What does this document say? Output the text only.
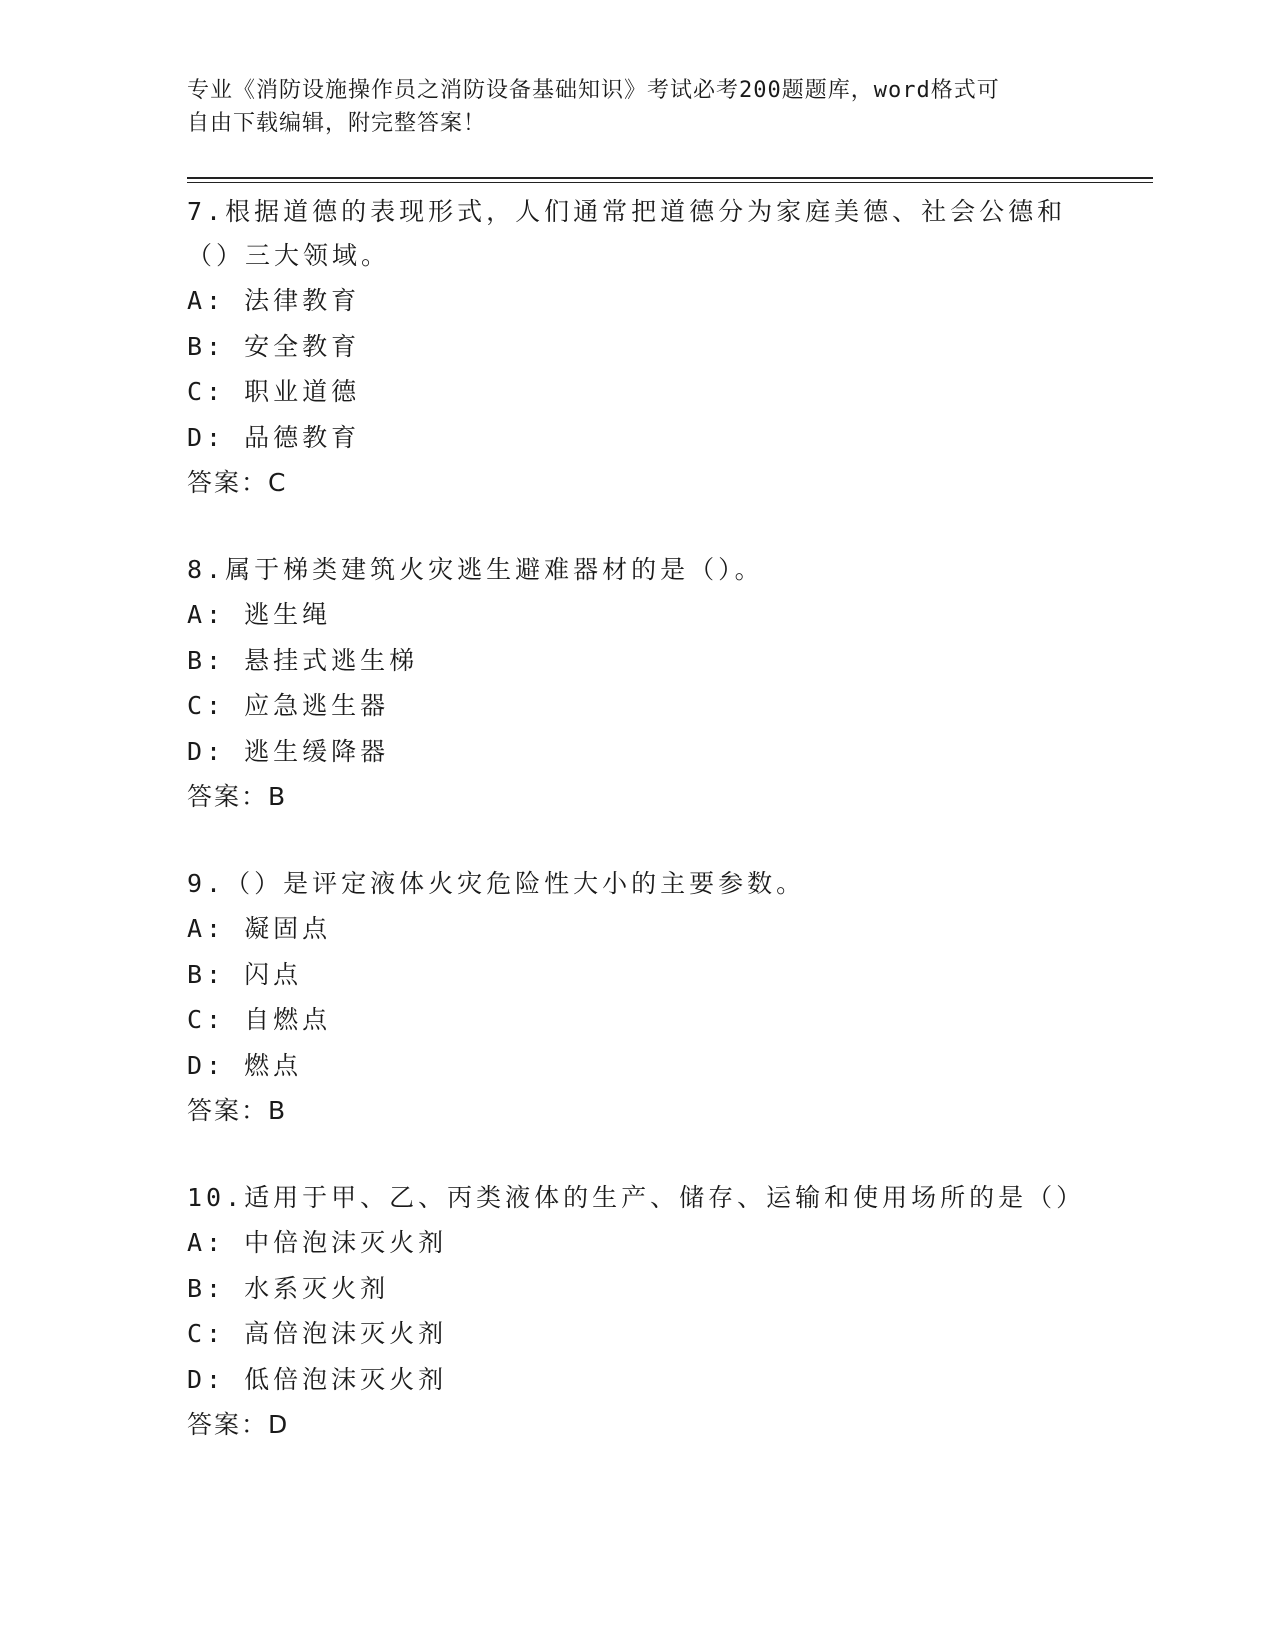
专业《消防设施操作员之消防设备基础知识》考试必考200题题库，word格式可
自由下载编辑，附完整答案！
7.根据道德的表现形式，人们通常把道德分为家庭美德、社会公德和
（）三大领域。
A: 法律教育
B: 安全教育
C: 职业道德
D: 品德教育
答案：C
8.属于梯类建筑火灾逃生避难器材的是（）。
A: 逃生绳
B: 悬挂式逃生梯
C: 应急逃生器
D: 逃生缓降器
答案：B
9.（）是评定液体火灾危险性大小的主要参数。
A: 凝固点
B: 闪点
C: 自燃点
D: 燃点
答案：B
10.适用于甲、乙、丙类液体的生产、储存、运输和使用场所的是（）
A: 中倍泡沫灭火剂
B: 水系灭火剂
C: 高倍泡沫灭火剂
D: 低倍泡沫灭火剂
答案：D
